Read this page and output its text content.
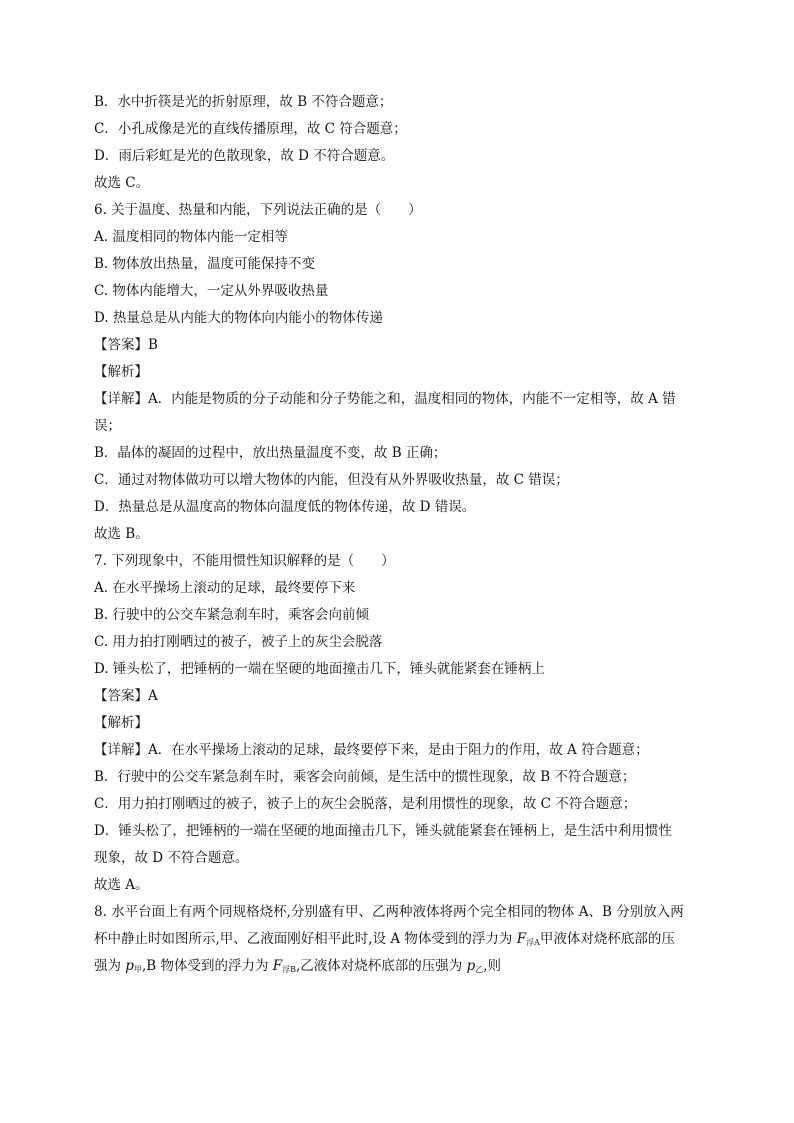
B．水中折筷是光的折射原理，故 B 不符合题意；
C．小孔成像是光的直线传播原理，故 C 符合题意；
D．雨后彩虹是光的色散现象，故 D 不符合题意。
故选 C。
6. 关于温度、热量和内能，下列说法正确的是（　　）
A. 温度相同的物体内能一定相等
B. 物体放出热量，温度可能保持不变
C. 物体内能增大，一定从外界吸收热量
D. 热量总是从内能大的物体向内能小的物体传递
【答案】B
【解析】
【详解】A．内能是物质的分子动能和分子势能之和，温度相同的物体，内能不一定相等，故 A 错
误；
B．晶体的凝固的过程中，放出热量温度不变，故 B 正确；
C．通过对物体做功可以增大物体的内能，但没有从外界吸收热量，故 C 错误；
D．热量总是从温度高的物体向温度低的物体传递，故 D 错误。
故选 B。
7. 下列现象中，不能用惯性知识解释的是（　　）
A. 在水平操场上滚动的足球，最终要停下来
B. 行驶中的公交车紧急刹车时，乘客会向前倾
C. 用力拍打刚晒过的被子，被子上的灰尘会脱落
D. 锤头松了，把锤柄的一端在坚硬的地面撞击几下，锤头就能紧套在锤柄上
【答案】A
【解析】
【详解】A．在水平操场上滚动的足球，最终要停下来，是由于阻力的作用，故 A 符合题意；
B．行驶中的公交车紧急刹车时，乘客会向前倾，是生活中的惯性现象，故 B 不符合题意；
C．用力拍打刚晒过的被子，被子上的灰尘会脱落，是利用惯性的现象，故 C 不符合题意；
D．锤头松了，把锤柄的一端在坚硬的地面撞击几下，锤头就能紧套在锤柄上，是生活中利用惯性
现象，故 D 不符合题意。
故选 A。
8. 水平台面上有两个同规格烧杯,分别盛有甲、乙两种液体将两个完全相同的物体 A、B 分别放入两
杯中静止时如图所示,甲、乙液面刚好相平此时,设 A 物体受到的浮力为 $F_{浮A}$甲液体对烧杯底部的压
强为 $p_甲,B$ 物体受到的浮力为 $F_{浮B}$,乙液体对烧杯底部的压强为 $p_乙$,则
